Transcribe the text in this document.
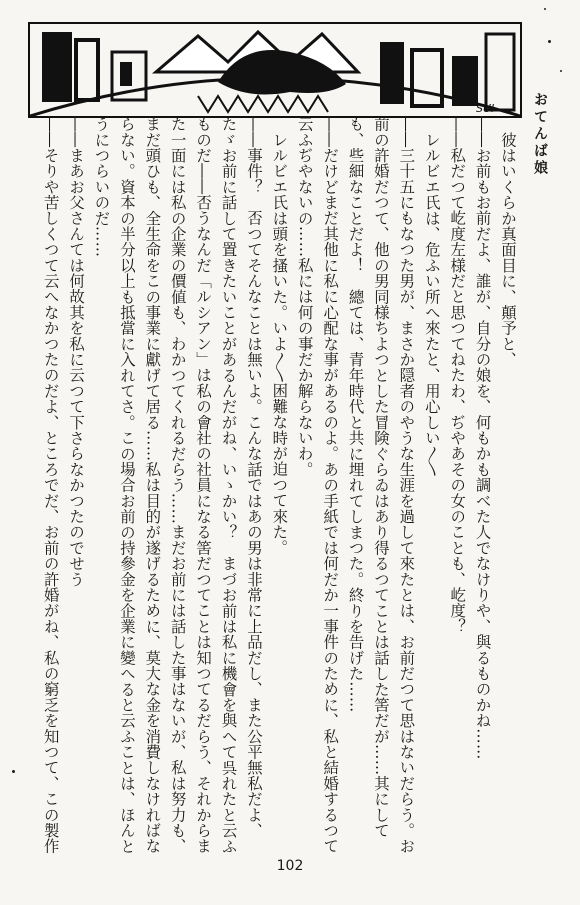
SUI	おてんば娘

　彼はいくらか真面目に、顛予と、

――お前もお前だよ、誰が、自分の娘を、何もかも調べた人でなけりや、與るものかね……

――私だつて屹度左様だと思つてねたわ、ぢやあその女のことも、屹度？

　レルビエ氏は、危ふい所へ來たと、用心しい〳〵

――三十五にもなつた男が、まさか隠者のやうな生涯を過して來たとは、お前だつて思はないだらう。お前の許婚だつて、他の男同様ちよつとした冒険ぐらゐはあり得るつてことは話した筈だが……其にしても、些細なことだよ！　總ては、青年時代と共に埋れてしまつた。終りを告げた……

――だけどまだ其他に私に心配な事があるのよ。あの手紙では何だか一事件のために、私と結婚するつて云ふぢやないの……私には何の事だか解らないわ。

　レルビエ氏は頭を搔いた。いよ〳〵困難な時が迫つて來た。

――事件？　否つてそんなことは無いよ。こんな話ではあの男は非常に上品だし、また公平無私だよ、たゞお前に話して置きたいことがあるんだがね、いゝかい？　まづお前は私に機會を與へて呉れたと云ふものだ――否うなんだ「ルシアン」は私の會社の社員になる筈だつてことは知つてるだらう、それからまた一面には私の企業の價値も、わかつてくれるだらう……まだお前には話した事はないが、私は努力も、まだ頭ひも、全生命をこの事業に獻げて居る……私は目的が遂げるために、莫大な金を消費しなければならない。資本の半分以上も抵當に入れてさ。この場合お前の持參金を企業に變へると云ふことは、ほんとうにつらいのだ……

――まあお父さんては何故其を私に云つて下さらなかつたのでせう

――そりや苦しくつて云へなかつたのだよ、ところでだ、お前の許婚がね、私の窮乏を知つて、この製作

102
